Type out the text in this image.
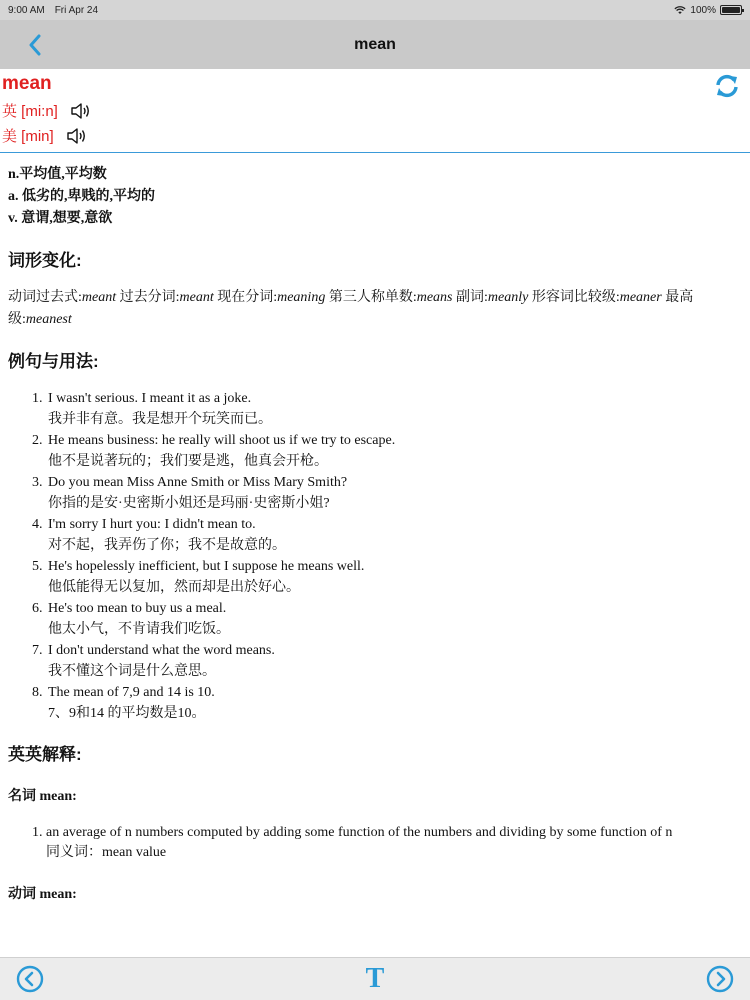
9:00 AM Fri Apr 24	100%
mean
mean
英 [mi:n]
美 [min]
n.平均值,平均数
a. 低劣的,卑贱的,平均的
v. 意谓,想要,意欲
词形变化:
动词过去式:meant 过去分词:meant 现在分词:meaning 第三人称单数:means 副词:meanly 形容词比较级:meaner 最高级:meanest
例句与用法:
1. I wasn't serious. I meant it as a joke.
我并非有意。我是想开个玩笑而已。
2. He means business: he really will shoot us if we try to escape.
他不是说著玩的；我们要是逃，他真会开枪。
3. Do you mean Miss Anne Smith or Miss Mary Smith?
你指的是安·史密斯小姐还是玛丽·史密斯小姐?
4. I'm sorry I hurt you: I didn't mean to.
对不起，我弄伤了你；我不是故意的。
5. He's hopelessly inefficient, but I suppose he means well.
他低能得无以复加，然而却是出於好心。
6. He's too mean to buy us a meal.
他太小气，不肯请我们吃饭。
7. I don't understand what the word means.
我不懂这个词是什么意思。
8. The mean of 7,9 and 14 is 10.
7、9和14 的平均数是10。
英英解释:
名词 mean:
1. an average of n numbers computed by adding some function of the numbers and dividing by some function of n
同义词：mean value
动词 mean:
T
